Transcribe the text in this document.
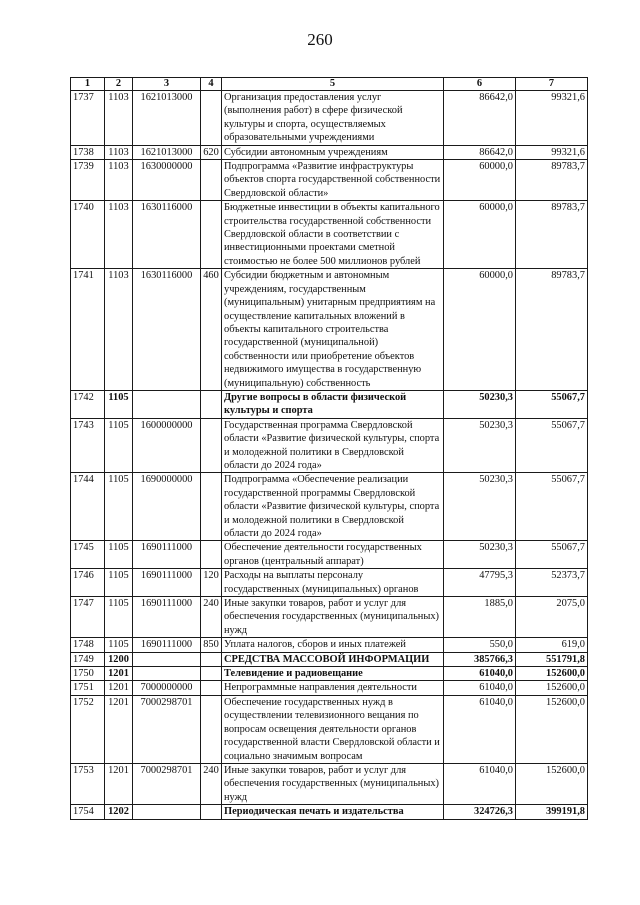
260
1	2	3	4	5	6	7
1737	1103	1621013000		Организация предоставления услуг (выполнения работ) в сфере физической культуры и спорта, осуществляемых образовательными учреждениями	86642,0	99321,6
1738	1103	1621013000	620	Субсидии автономным учреждениям	86642,0	99321,6
1739	1103	1630000000		Подпрограмма «Развитие инфраструктуры объектов спорта государственной собственности Свердловской области»	60000,0	89783,7
1740	1103	1630116000		Бюджетные инвестиции в объекты капитального строительства государственной собственности Свердловской области в соответствии с инвестиционными проектами сметной стоимостью не более 500 миллионов рублей	60000,0	89783,7
1741	1103	1630116000	460	Субсидии бюджетным и автономным учреждениям, государственным (муниципальным) унитарным предприятиям на осуществление капитальных вложений в объекты капитального строительства государственной (муниципальной) собственности или приобретение объектов недвижимого имущества в государственную (муниципальную) собственность	60000,0	89783,7
1742	1105			Другие вопросы в области физической культуры и спорта	50230,3	55067,7
1743	1105	1600000000		Государственная программа Свердловской области «Развитие физической культуры, спорта и молодежной политики в Свердловской области до 2024 года»	50230,3	55067,7
1744	1105	1690000000		Подпрограмма «Обеспечение реализации государственной программы Свердловской области «Развитие физической культуры, спорта и молодежной политики в Свердловской области до 2024 года»	50230,3	55067,7
1745	1105	1690111000		Обеспечение деятельности государственных органов (центральный аппарат)	50230,3	55067,7
1746	1105	1690111000	120	Расходы на выплаты персоналу государственных (муниципальных) органов	47795,3	52373,7
1747	1105	1690111000	240	Иные закупки товаров, работ и услуг для обеспечения государственных (муниципальных) нужд	1885,0	2075,0
1748	1105	1690111000	850	Уплата налогов, сборов и иных платежей	550,0	619,0
1749	1200			СРЕДСТВА МАССОВОЙ ИНФОРМАЦИИ	385766,3	551791,8
1750	1201			Телевидение и радиовещание	61040,0	152600,0
1751	1201	7000000000		Непрограммные направления деятельности	61040,0	152600,0
1752	1201	7000298701		Обеспечение государственных нужд в осуществлении телевизионного вещания по вопросам освещения деятельности органов государственной власти Свердловской области и социально значимым вопросам	61040,0	152600,0
1753	1201	7000298701	240	Иные закупки товаров, работ и услуг для обеспечения государственных (муниципальных) нужд	61040,0	152600,0
1754	1202			Периодическая печать и издательства	324726,3	399191,8
